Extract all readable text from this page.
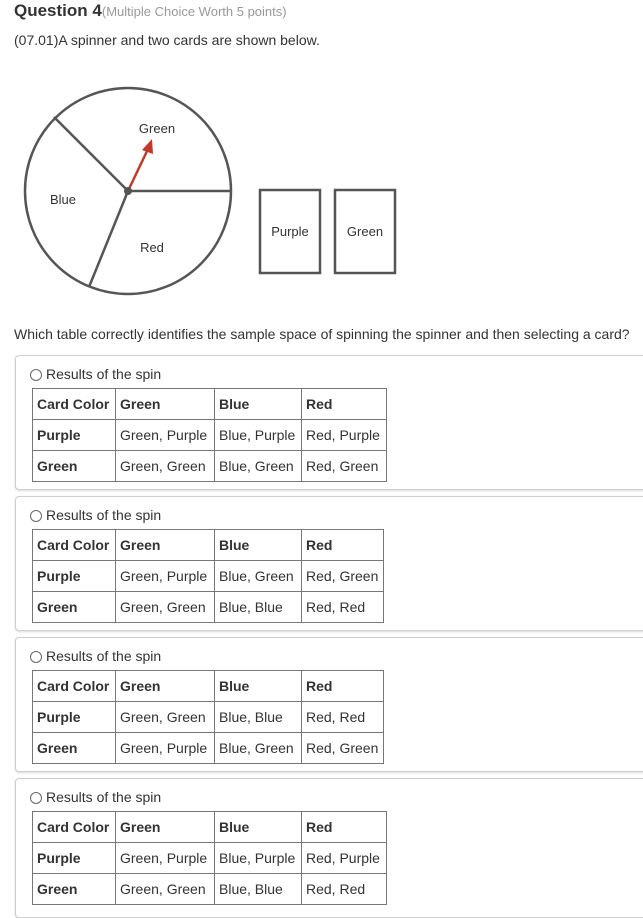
Question 4(Multiple Choice Worth 5 points)
(07.01)A spinner and two cards are shown below.
Green
Blue
Red
Purple	Green
Which table correctly identifies the sample space of spinning the spinner and then selecting a card?
Results of the spin
Card Color	Green	Blue	Red
Purple	Green, Purple	Blue, Purple	Red, Purple
Green	Green, Green	Blue, Green	Red, Green
Results of the spin
Card Color	Green	Blue	Red
Purple	Green, Purple	Blue, Green	Red, Green
Green	Green, Green	Blue, Blue	Red, Red
Results of the spin
Card Color	Green	Blue	Red
Purple	Green, Green	Blue, Blue	Red, Red
Green	Green, Purple	Blue, Green	Red, Green
Results of the spin
Card Color	Green	Blue	Red
Purple	Green, Purple	Blue, Purple	Red, Purple
Green	Green, Green	Blue, Blue	Red, Red
